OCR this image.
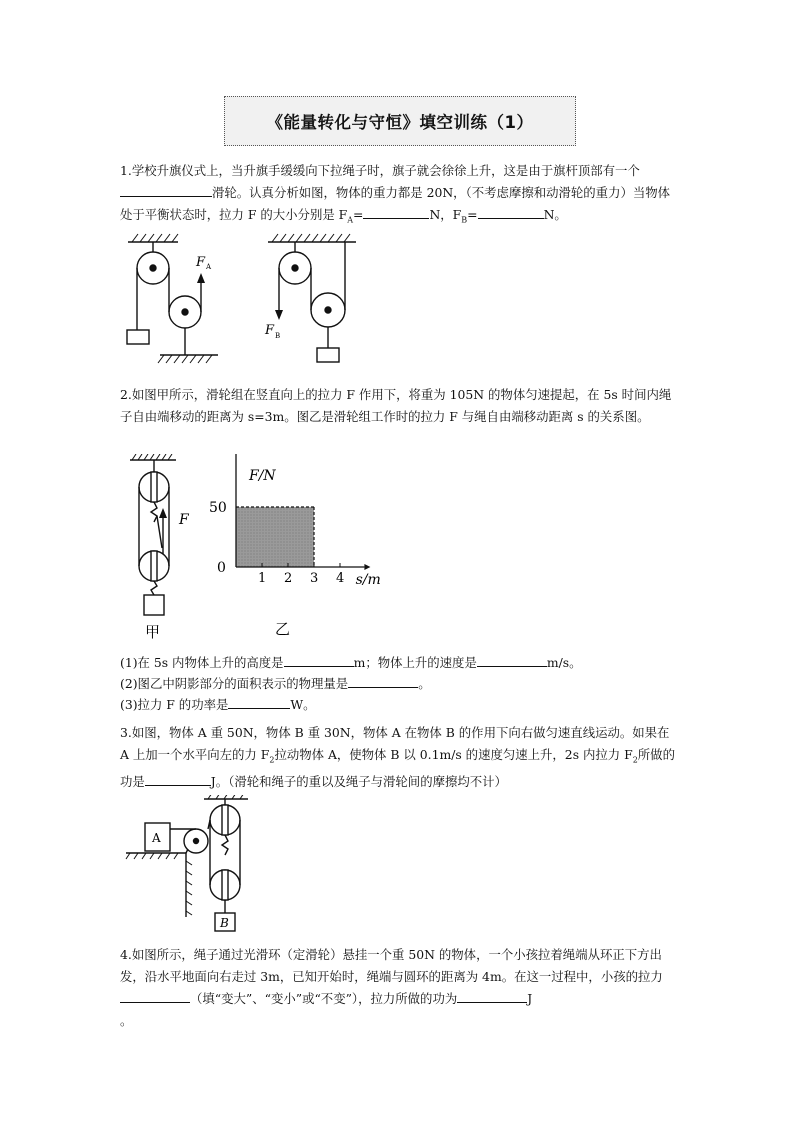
《能量转化与守恒》填空训练（1）
1.学校升旗仪式上，当升旗手缓缓向下拉绳子时，旗子就会徐徐上升，这是由于旗杆顶部有一个滑轮。认真分析如图，物体的重力都是 20N，（不考虑摩擦和动滑轮的重力）当物体处于平衡状态时，拉力 F 的大小分别是 $F_A=$	N，$F_B=$	N。
F A
F B
2.如图甲所示，滑轮组在竖直向上的拉力 F 作用下，将重为 105N 的物体匀速提起，在 5s 时间内绳子自由端移动的距离为 s=3m。图乙是滑轮组工作时的拉力 F 与绳自由端移动距离 s 的关系图。
F
甲
1 2 3 4
50
0
F/N
s/m
乙
(1)在 5s 内物体上升的高度是	m；物体上升的速度是	m/s。
(2)图乙中阴影部分的面积表示的物理量是	。
(3)拉力 F 的功率是	W。
3.如图，物体 A 重 50N，物体 B 重 30N，物体 A 在物体 B 的作用下向右做匀速直线运动。如果在 A 上加一个水平向左的力 $F_2$拉动物体 A，使物体 B 以 0.1m/s 的速度匀速上升，2s 内拉力 $F_2$所做的功是	J。（滑轮和绳子的重以及绳子与滑轮间的摩擦均不计）
A
B
4.如图所示，绳子通过光滑环（定滑轮）悬挂一个重 50N 的物体，一个小孩拉着绳端从环正下方出发，沿水平地面向右走过 3m，已知开始时，绳端与圆环的距离为 4m。在这一过程中，小孩的拉力（填“变大”、“变小”或“不变”），拉力所做的功为	J
。
